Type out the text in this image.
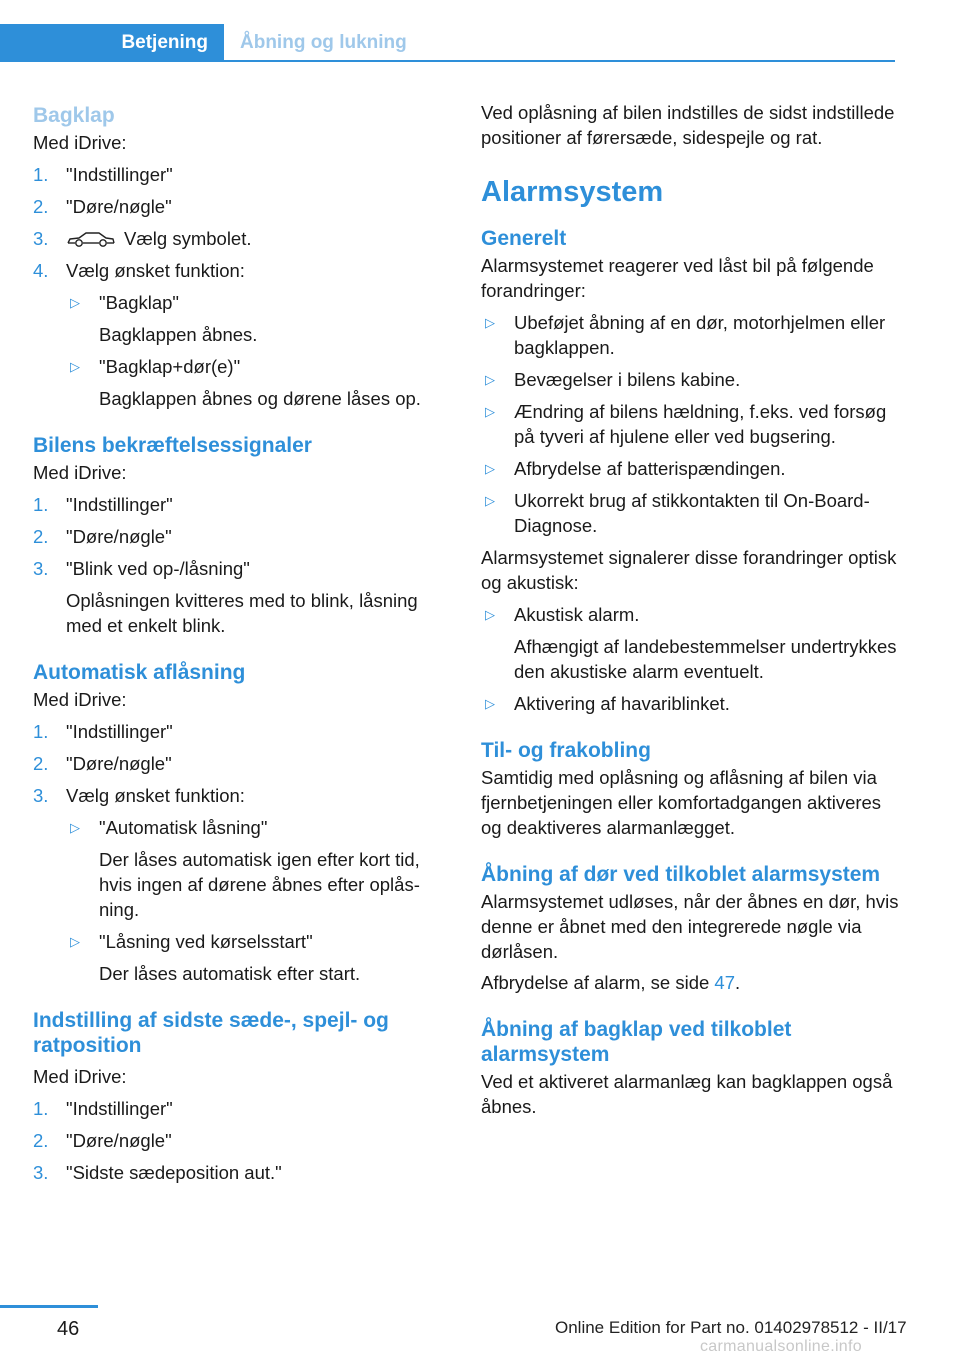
Betjening	Åbning og lukning
Bagklap
Med iDrive:
1. "Indstillinger"
2. "Døre/nøgle"
3.	Vælg symbolet.
4. Vælg ønsket funktion:
▷ "Bagklap"
Bagklappen åbnes.
▷ "Bagklap+dør(e)"
Bagklappen åbnes og dørene låses op.
Bilens bekræftelsessignaler
Med iDrive:
1. "Indstillinger"
2. "Døre/nøgle"
3. "Blink ved op-/låsning"
Oplåsningen kvitteres med to blink, låsning med et enkelt blink.
Automatisk aflåsning
Med iDrive:
1. "Indstillinger"
2. "Døre/nøgle"
3. Vælg ønsket funktion:
▷ "Automatisk låsning"
Der låses automatisk igen efter kort tid, hvis ingen af dørene åbnes efter oplåsning.
▷ "Låsning ved kørselsstart"
Der låses automatisk efter start.
Indstilling af sidste sæde-, spejl- og ratposition
Med iDrive:
1. "Indstillinger"
2. "Døre/nøgle"
3. "Sidste sædeposition aut."
Ved oplåsning af bilen indstilles de sidst indstillede positioner af førersæde, sidespejle og rat.
Alarmsystem
Generelt
Alarmsystemet reagerer ved låst bil på følgende forandringer:
▷ Ubeføjet åbning af en dør, motorhjelmen eller bagklappen.
▷ Bevægelser i bilens kabine.
▷ Ændring af bilens hældning, f.eks. ved forsøg på tyveri af hjulene eller ved bugsering.
▷ Afbrydelse af batterispændingen.
▷ Ukorrekt brug af stikkontakten til On-Board-Diagnose.
Alarmsystemet signalerer disse forandringer optisk og akustisk:
▷ Akustisk alarm.
Afhængigt af landebestemmelser undertrykkes den akustiske alarm eventuelt.
▷ Aktivering af havariblinket.
Til- og frakobling
Samtidig med oplåsning og aflåsning af bilen via fjernbetjeningen eller komfortadgangen aktiveres og deaktiveres alarmanlægget.
Åbning af dør ved tilkoblet alarmsystem
Alarmsystemet udløses, når der åbnes en dør, hvis denne er åbnet med den integrerede nøgle via dørlåsen.
Afbrydelse af alarm, se side 47.
Åbning af bagklap ved tilkoblet alarmsystem
Ved et aktiveret alarmanlæg kan bagklappen også åbnes.
46	Online Edition for Part no. 01402978512 - II/17
carmanualsonline.info
